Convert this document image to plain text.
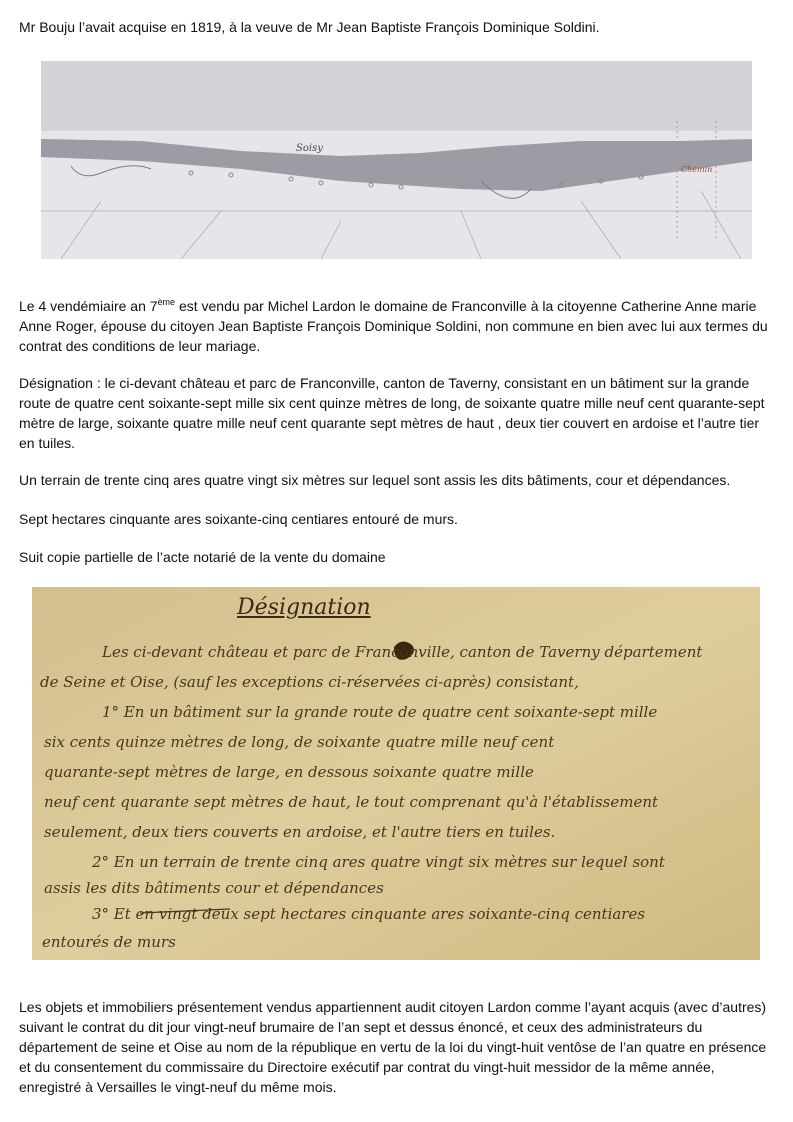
Mr Bouju l’avait acquise en 1819, à la veuve de Mr Jean Baptiste François Dominique Soldini.

Soisy
Chemin

Le 4 vendémiaire an 7ème est vendu par Michel Lardon le domaine de Franconville à la citoyenne Catherine Anne marie Anne Roger, épouse du citoyen Jean Baptiste François Dominique Soldini, non commune en bien avec lui aux termes du contrat des conditions de leur mariage.

Désignation : le ci-devant château et parc de Franconville, canton de Taverny, consistant en un bâtiment sur la grande route de quatre cent soixante-sept mille six cent quinze mètres de long, de soixante quatre mille neuf cent quarante-sept mètre de large, soixante quatre mille neuf cent quarante sept mètres de haut , deux tier couvert en ardoise et l’autre tier en tuiles.

Un terrain de trente cinq ares quatre vingt six mètres sur lequel sont assis les dits bâtiments, cour et dépendances.

Sept hectares cinquante ares soixante-cinq centiares entouré de murs.

Suit copie partielle de l’acte notarié de la vente du domaine

Désignation
Les ci-devant château et parc de Franconville, canton de Taverny département
de Seine et Oise, (sauf les exceptions ci-réservées ci-après) consistant,
1° En un bâtiment sur la grande route de quatre cent soixante-sept mille
six cents quinze mètres de long, de soixante quatre mille neuf cent
quarante-sept mètres de large, en dessous soixante quatre mille
neuf cent quarante sept mètres de haut, le tout comprenant qu'à l'établissement
seulement, deux tiers couverts en ardoise, et l'autre tiers en tuiles.
2° En un terrain de trente cinq ares quatre vingt six mètres sur lequel sont
assis les dits bâtiments cour et dépendances
3° Et en vingt deux sept hectares cinquante ares soixante-cinq centiares
entourés de murs

Les objets et immobiliers présentement vendus appartiennent audit citoyen Lardon comme l’ayant acquis (avec d’autres) suivant le contrat du dit jour vingt-neuf brumaire de l’an sept et dessus énoncé, et ceux des administrateurs du département de seine et Oise au nom de la république en vertu de la loi du vingt-huit ventôse de l’an quatre en présence et du consentement du commissaire du Directoire exécutif par contrat du vingt-huit messidor de la même année, enregistré à Versailles le vingt-neuf du même mois.
